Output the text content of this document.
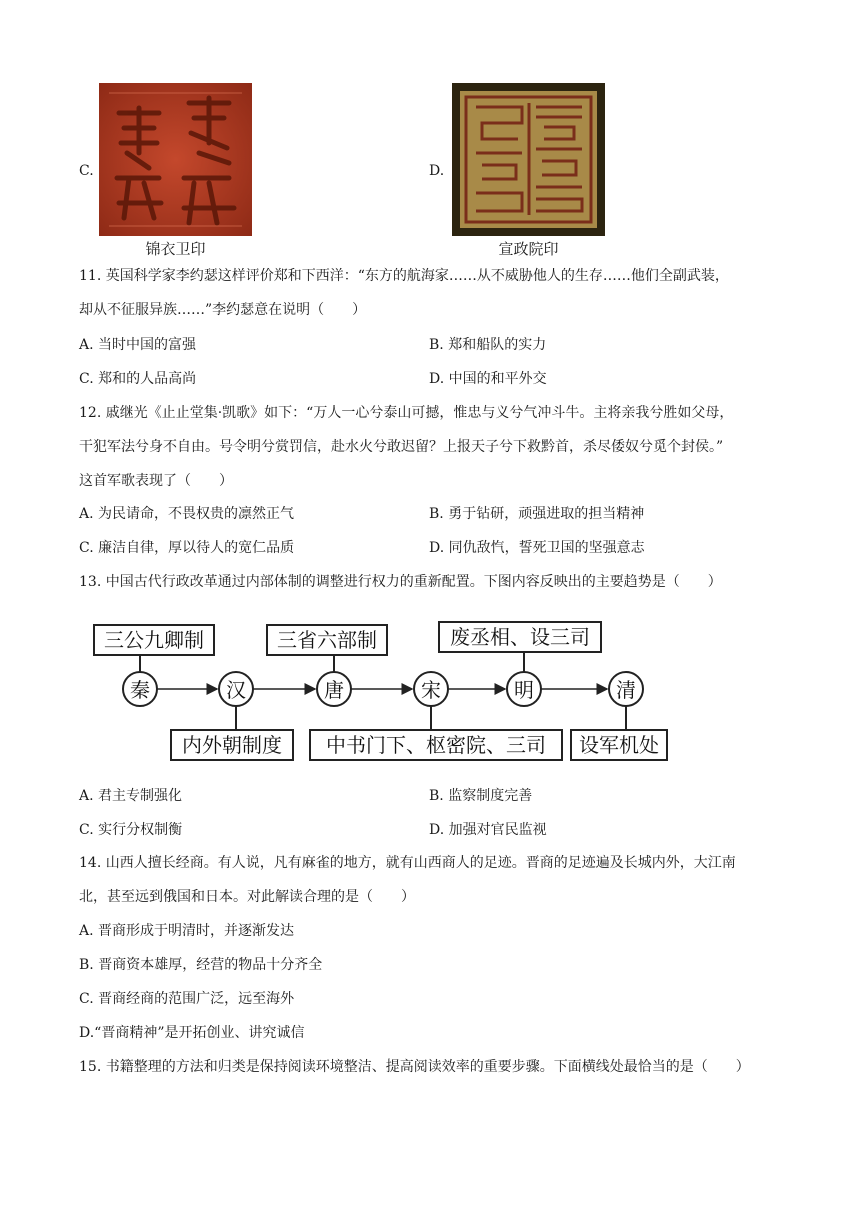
C.
锦衣卫印
D.
宣政院印
11. 英国科学家李约瑟这样评价郑和下西洋：“东方的航海家……从不威胁他人的生存……他们全副武装，
却从不征服异族……”李约瑟意在说明（　　）
A. 当时中国的富强	B. 郑和船队的实力
C. 郑和的人品高尚	D. 中国的和平外交
12. 戚继光《止止堂集·凯歌》如下：“万人一心兮泰山可撼，惟忠与义兮气冲斗牛。主将亲我兮胜如父母，
干犯军法兮身不自由。号令明兮赏罚信，赴水火兮敢迟留？上报天子兮下救黔首，杀尽倭奴兮觅个封侯。”
这首军歌表现了（　　）
A. 为民请命，不畏权贵的凛然正气	B. 勇于钻研，顽强进取的担当精神
C. 廉洁自律，厚以待人的宽仁品质	D. 同仇敌忾，誓死卫国的坚强意志
13. 中国古代行政改革通过内部体制的调整进行权力的重新配置。下图内容反映出的主要趋势是（　　）
秦	汉	唐	宋	明	清
三公九卿制	三省六部制	废丞相、设三司
内外朝制度 中书门下、枢密院、三司 设军机处
A. 君主专制强化	B. 监察制度完善
C. 实行分权制衡	D. 加强对官民监视
14. 山西人擅长经商。有人说，凡有麻雀的地方，就有山西商人的足迹。晋商的足迹遍及长城内外，大江南
北，甚至远到俄国和日本。对此解读合理的是（　　）
A. 晋商形成于明清时，并逐渐发达
B. 晋商资本雄厚，经营的物品十分齐全
C. 晋商经商的范围广泛，远至海外
D.“晋商精神”是开拓创业、讲究诚信
15. 书籍整理的方法和归类是保持阅读环境整洁、提高阅读效率的重要步骤。下面横线处最恰当的是（　　）
